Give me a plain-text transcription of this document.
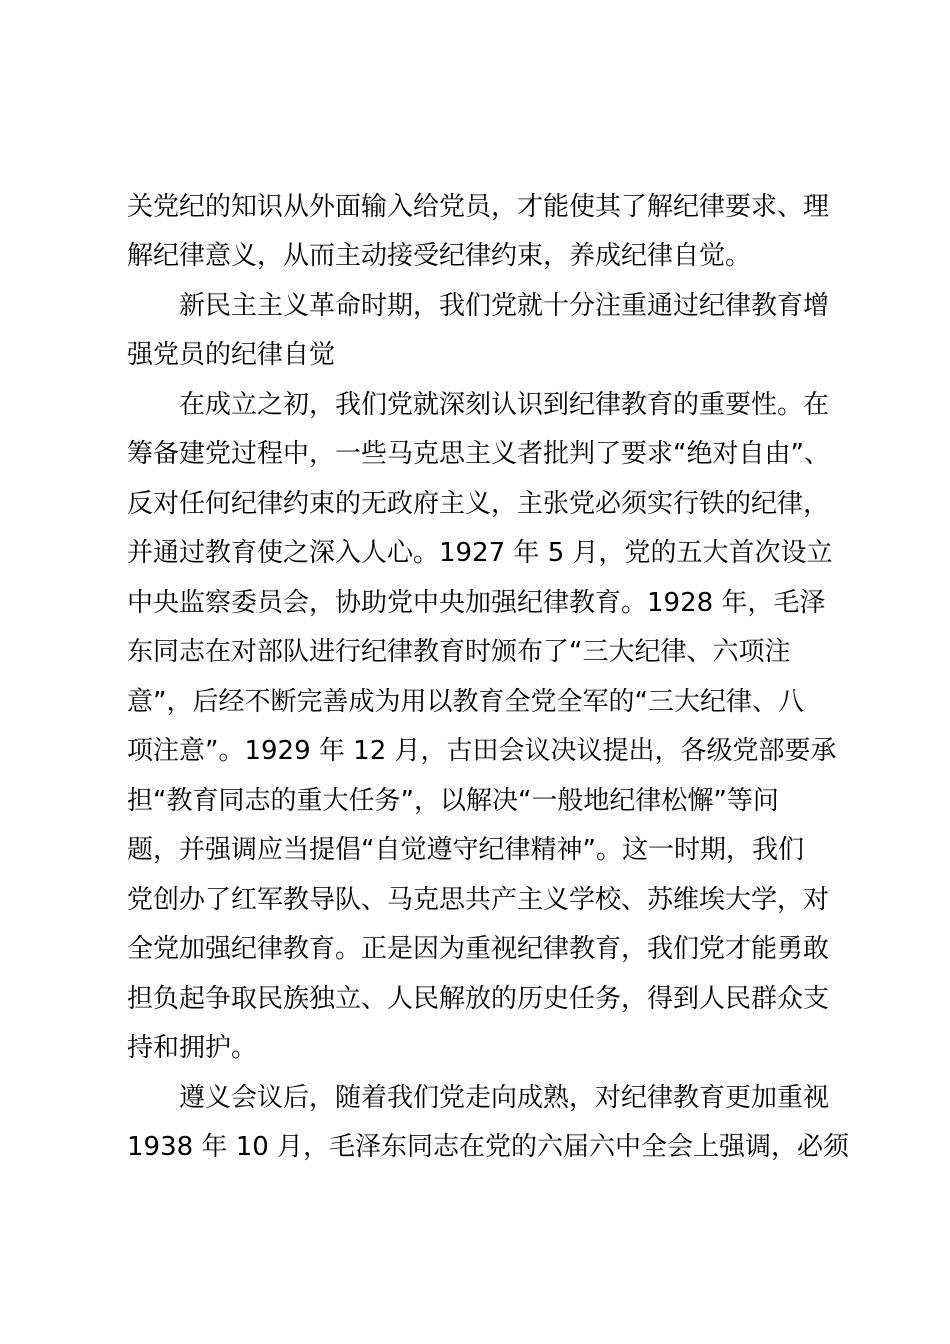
关党纪的知识从外面输入给党员，才能使其了解纪律要求、理
解纪律意义，从而主动接受纪律约束，养成纪律自觉。
　　新民主主义革命时期，我们党就十分注重通过纪律教育增
强党员的纪律自觉
　　在成立之初，我们党就深刻认识到纪律教育的重要性。在
筹备建党过程中，一些马克思主义者批判了要求“绝对自由”、
反对任何纪律约束的无政府主义，主张党必须实行铁的纪律，
并通过教育使之深入人心。1927 年 5 月，党的五大首次设立
中央监察委员会，协助党中央加强纪律教育。1928 年，毛泽
东同志在对部队进行纪律教育时颁布了“三大纪律、六项注
意”，后经不断完善成为用以教育全党全军的“三大纪律、八
项注意”。1929 年 12 月，古田会议决议提出，各级党部要承
担“教育同志的重大任务”，以解决“一般地纪律松懈”等问
题，并强调应当提倡“自觉遵守纪律精神”。这一时期，我们
党创办了红军教导队、马克思共产主义学校、苏维埃大学，对
全党加强纪律教育。正是因为重视纪律教育，我们党才能勇敢
担负起争取民族独立、人民解放的历史任务，得到人民群众支
持和拥护。
　　遵义会议后，随着我们党走向成熟，对纪律教育更加重视
1938 年 10 月，毛泽东同志在党的六届六中全会上强调，必须
